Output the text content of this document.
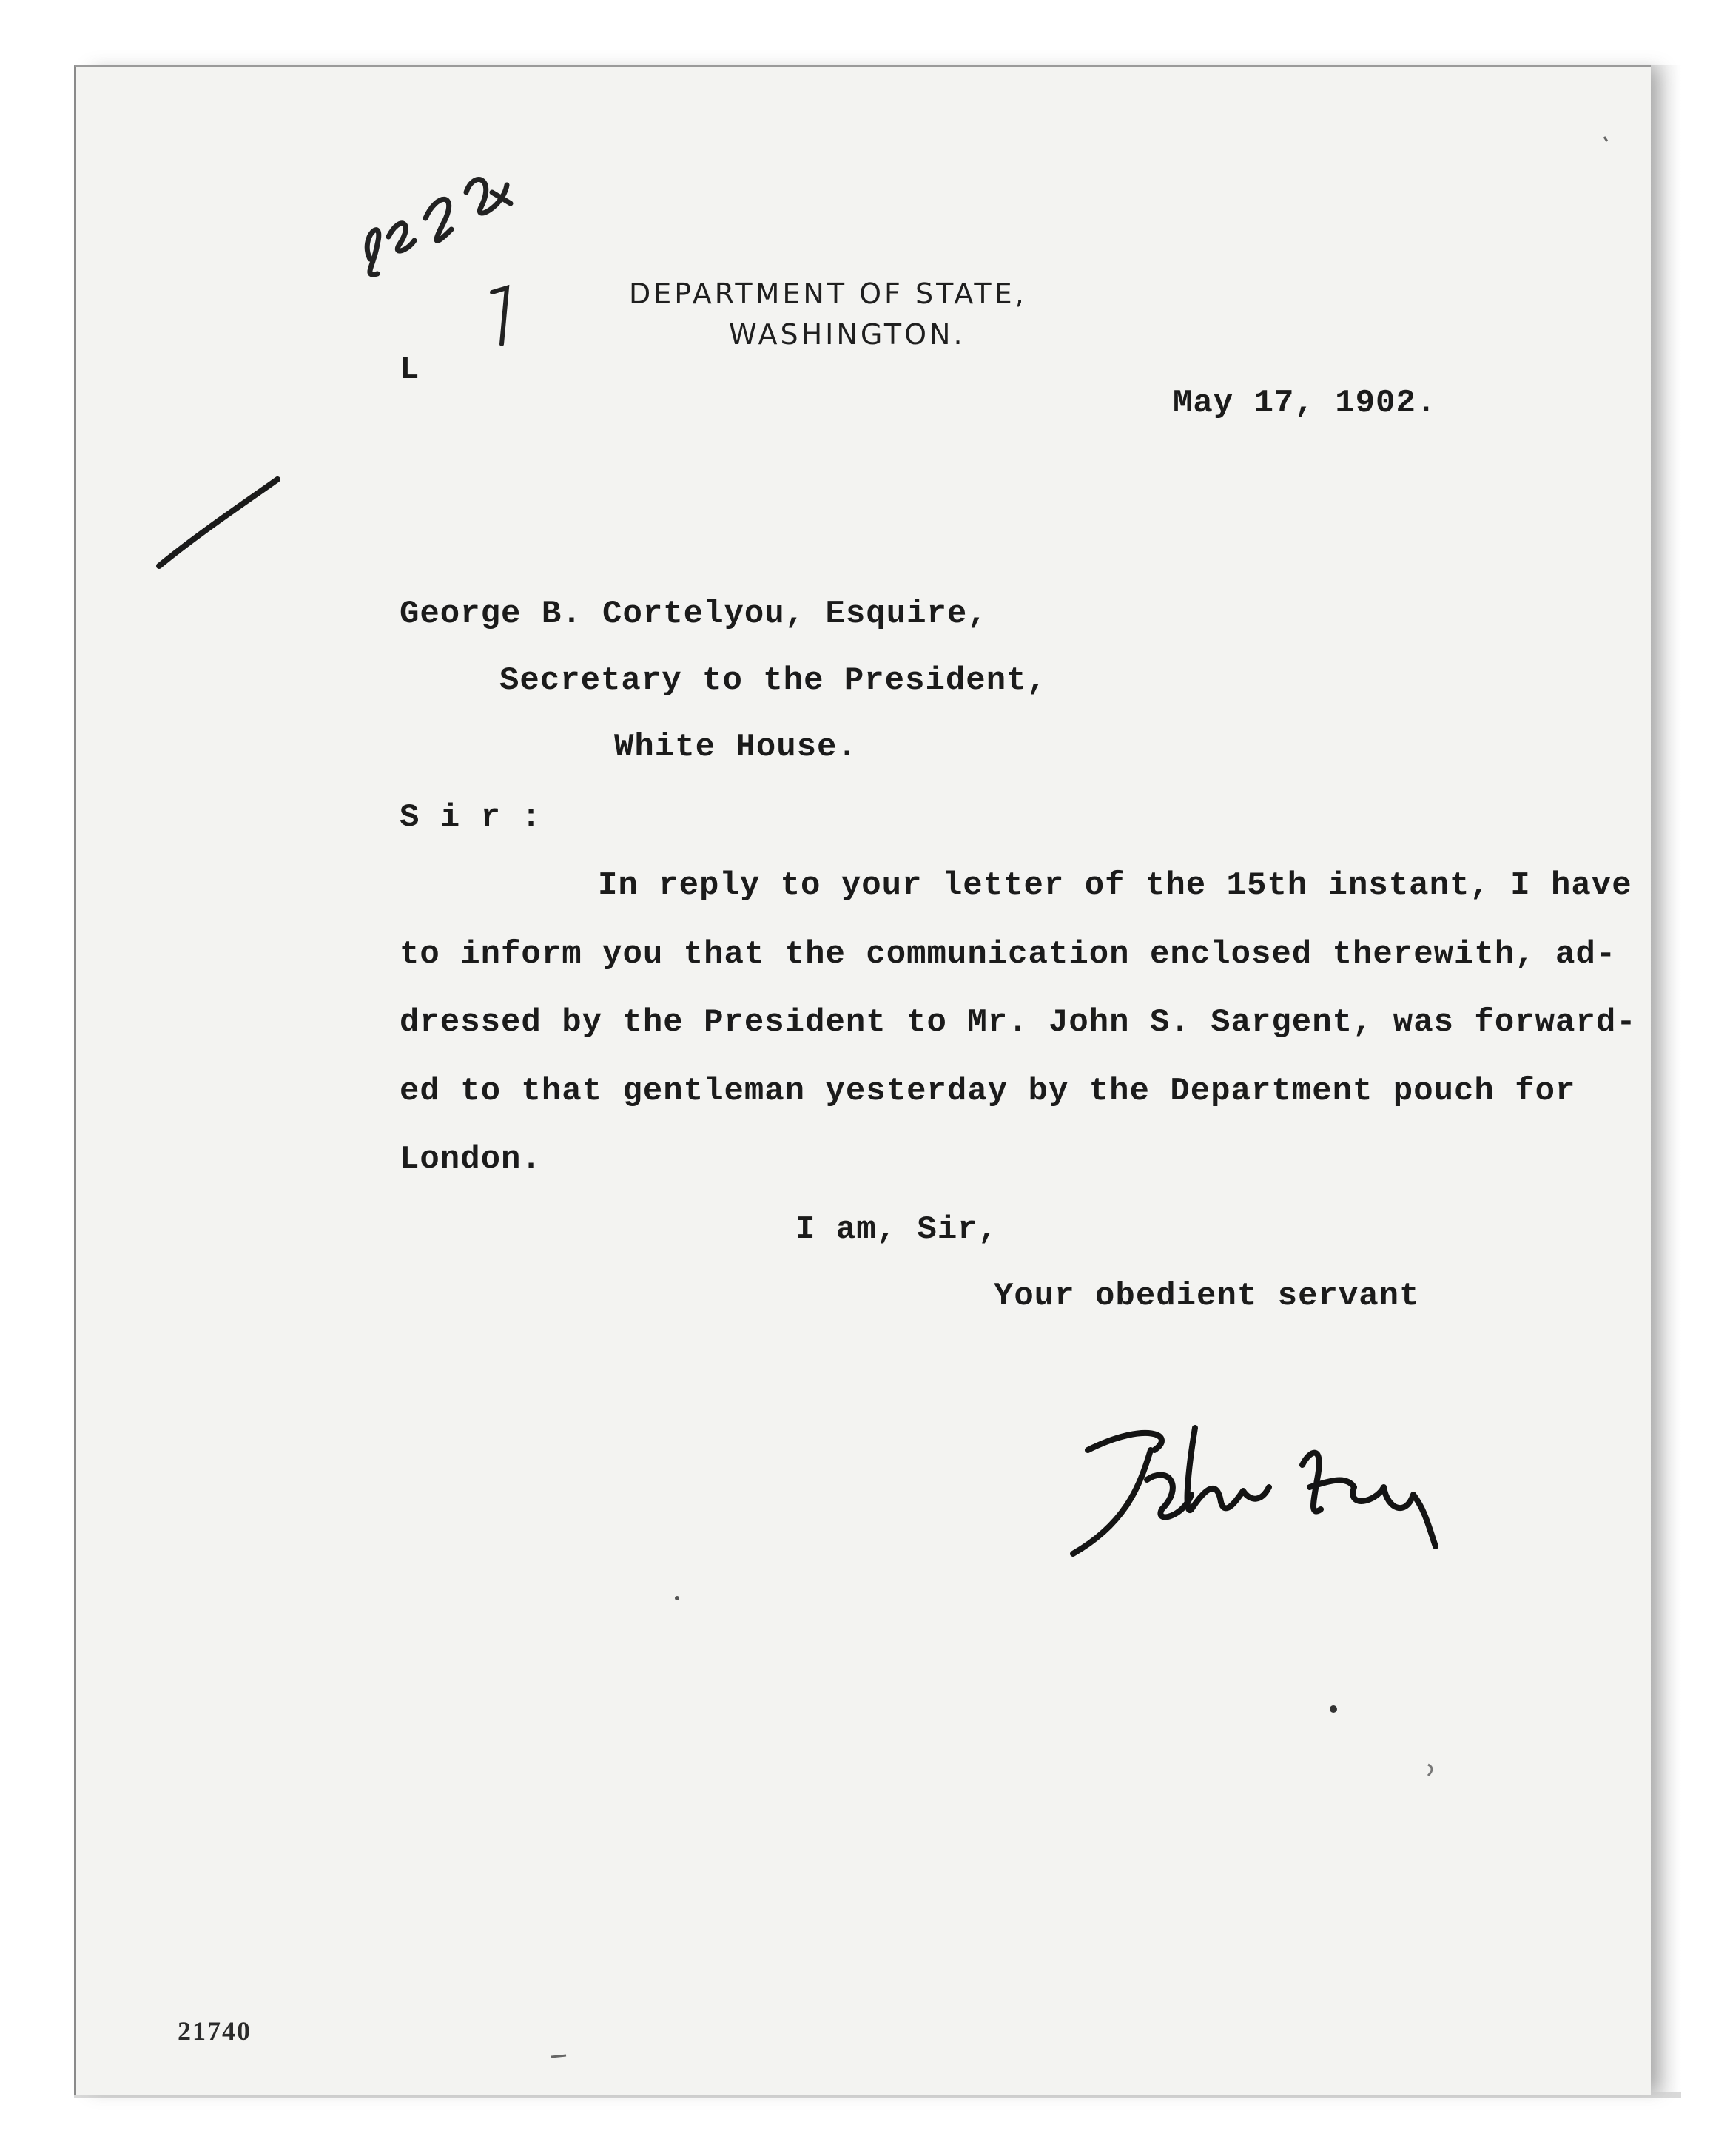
DEPARTMENT OF STATE,
WASHINGTON.
L
May 17, 1902.
George B. Cortelyou, Esquire,
Secretary to the President,
White House.
S i r :
In reply to your letter of the 15th instant, I have
to inform you that the communication enclosed therewith, ad-
dressed by the President to Mr. John S. Sargent, was forward-
ed to that gentleman yesterday by the Department pouch for
London.
I am, Sir,
Your obedient servant
21740
